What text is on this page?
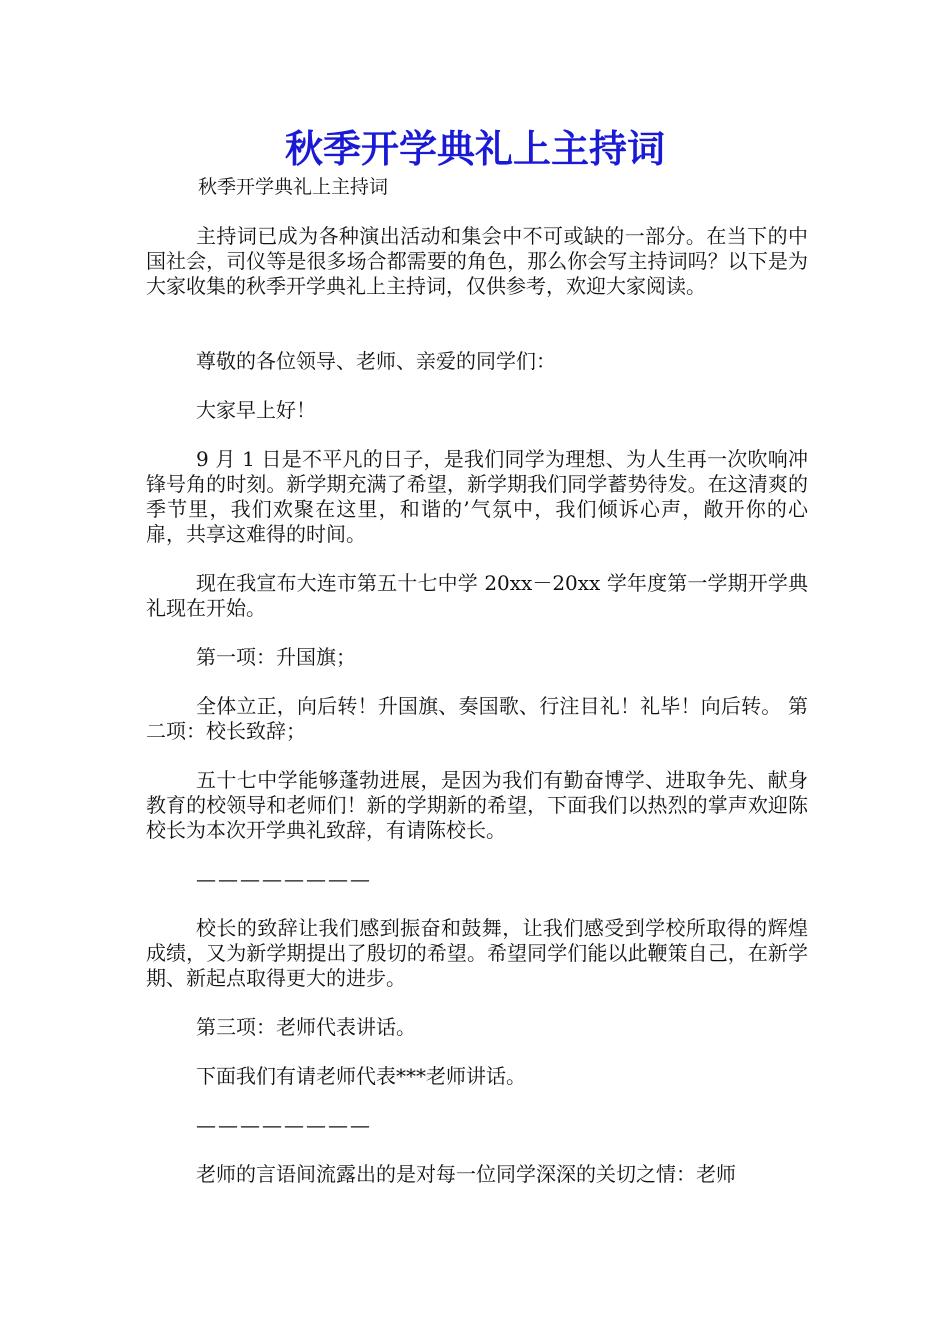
秋季开学典礼上主持词
秋季开学典礼上主持词

主持词已成为各种演出活动和集会中不可或缺的一部分。在当下的中国社会，司仪等是很多场合都需要的角色，那么你会写主持词吗？以下是为大家收集的秋季开学典礼上主持词，仅供参考，欢迎大家阅读。

尊敬的各位领导、老师、亲爱的同学们：

大家早上好！

9 月 1 日是不平凡的日子，是我们同学为理想、为人生再一次吹响冲锋号角的时刻。新学期充满了希望，新学期我们同学蓄势待发。在这清爽的季节里，我们欢聚在这里，和谐的’气氛中，我们倾诉心声，敞开你的心扉，共享这难得的时间。

现在我宣布大连市第五十七中学 20xx－20xx 学年度第一学期开学典礼现在开始。

第一项：升国旗；

全体立正，向后转！升国旗、奏国歌、行注目礼！礼毕！向后转。 第二项：校长致辞；

五十七中学能够蓬勃进展，是因为我们有勤奋博学、进取争先、献身教育的校领导和老师们！新的学期新的希望，下面我们以热烈的掌声欢迎陈校长为本次开学典礼致辞，有请陈校长。

————————

校长的致辞让我们感到振奋和鼓舞，让我们感受到学校所取得的辉煌成绩，又为新学期提出了殷切的希望。希望同学们能以此鞭策自己，在新学期、新起点取得更大的进步。

第三项：老师代表讲话。

下面我们有请老师代表***老师讲话。

————————

老师的言语间流露出的是对每一位同学深深的关切之情：老师
